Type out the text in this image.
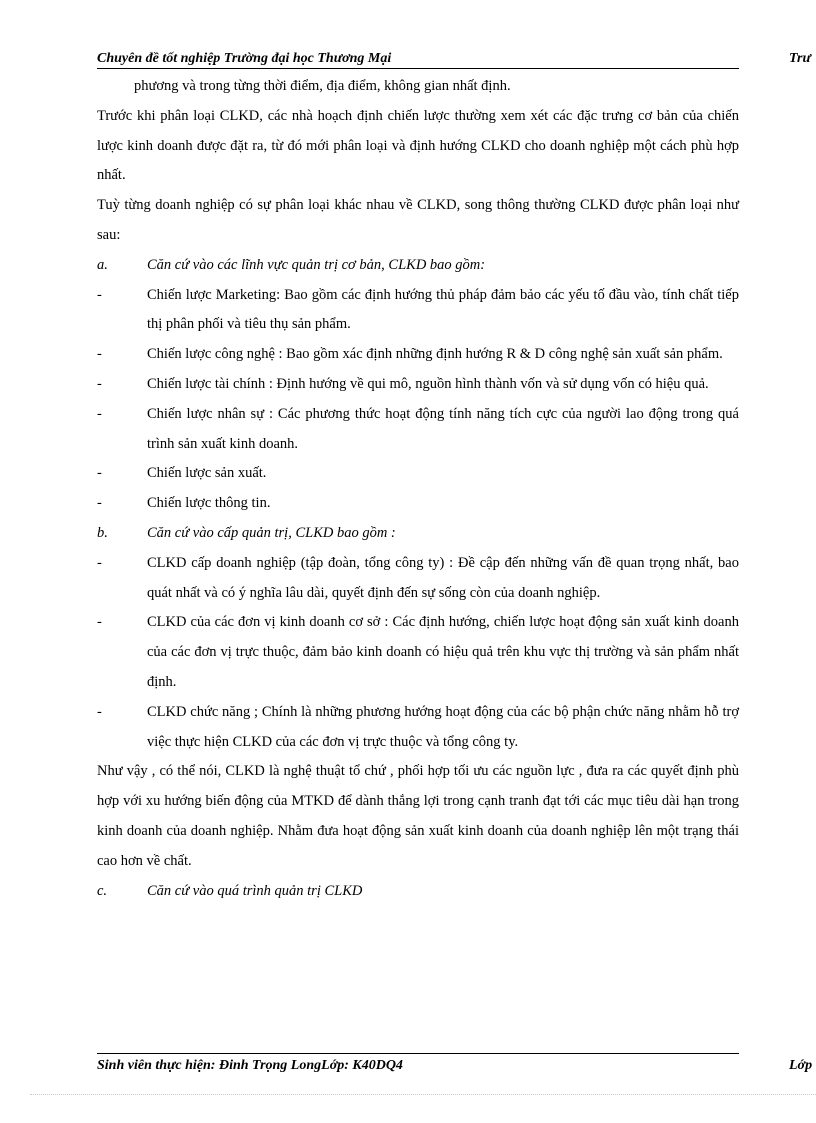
Chuyên đề tốt nghiệp Trường đại học Thương Mại	Trư

phương và trong từng thời điểm, địa điểm, không gian nhất định.

Trước khi phân loại CLKD, các nhà hoạch định chiến lược thường xem xét các đặc trưng cơ bản của chiến lược kinh doanh được đặt ra, từ đó mới phân loại và định hướng CLKD cho doanh nghiệp một cách phù hợp nhất.

Tuỳ từng doanh nghiệp có sự phân loại khác nhau về CLKD, song thông thường CLKD được phân loại như sau:

a.	Căn cứ vào các lĩnh vực quản trị cơ bản, CLKD bao gồm:
-	Chiến lược Marketing: Bao gồm các định hướng thủ pháp đảm bảo các yếu tố đầu vào, tính chất tiếp thị phân phối và tiêu thụ sản phẩm.
-	Chiến lược công nghệ : Bao gồm xác định những định hướng R & D công nghệ sản xuất sản phẩm.
-	Chiến lược tài chính : Định hướng về qui mô, nguồn hình thành vốn và sử dụng vốn có hiệu quả.
-	Chiến lược nhân sự : Các phương thức hoạt động tính năng tích cực của người lao động trong quá trình sản xuất kinh doanh.
-	Chiến lược sản xuất.
-	Chiến lược thông tin.
b.	Căn cứ vào cấp quản trị, CLKD bao gồm :
-	CLKD cấp doanh nghiệp (tập đoàn, tổng công ty) : Đề cập đến những vấn đề quan trọng nhất, bao quát nhất và có ý nghĩa lâu dài, quyết định đến sự sống còn của doanh nghiệp.
-	CLKD của các đơn vị kinh doanh cơ sở : Các định hướng, chiến lược hoạt động sản xuất kinh doanh của các đơn vị trực thuộc, đảm bảo kinh doanh có hiệu quả trên khu vực thị trường và sản phẩm nhất định.
-	CLKD chức năng ; Chính là những phương hướng hoạt động của các bộ phận chức năng nhằm hỗ trợ việc thực hiện CLKD của các đơn vị trực thuộc và tổng công ty.

Như vậy , có thể nói, CLKD là nghệ thuật tổ chứ , phối hợp tối ưu các nguồn lực , đưa ra các quyết định phù hợp với xu hướng biến động của MTKD để dành thắng lợi trong cạnh tranh đạt tới các mục tiêu dài hạn trong kinh doanh của doanh nghiệp. Nhằm đưa hoạt động sản xuất kinh doanh của doanh nghiệp lên một trạng thái cao hơn về chất.

c.	Căn cứ vào quá trình quản trị CLKD
Sinh viên thực hiện: Đinh Trọng LongLớp: K40DQ4	Lớp
